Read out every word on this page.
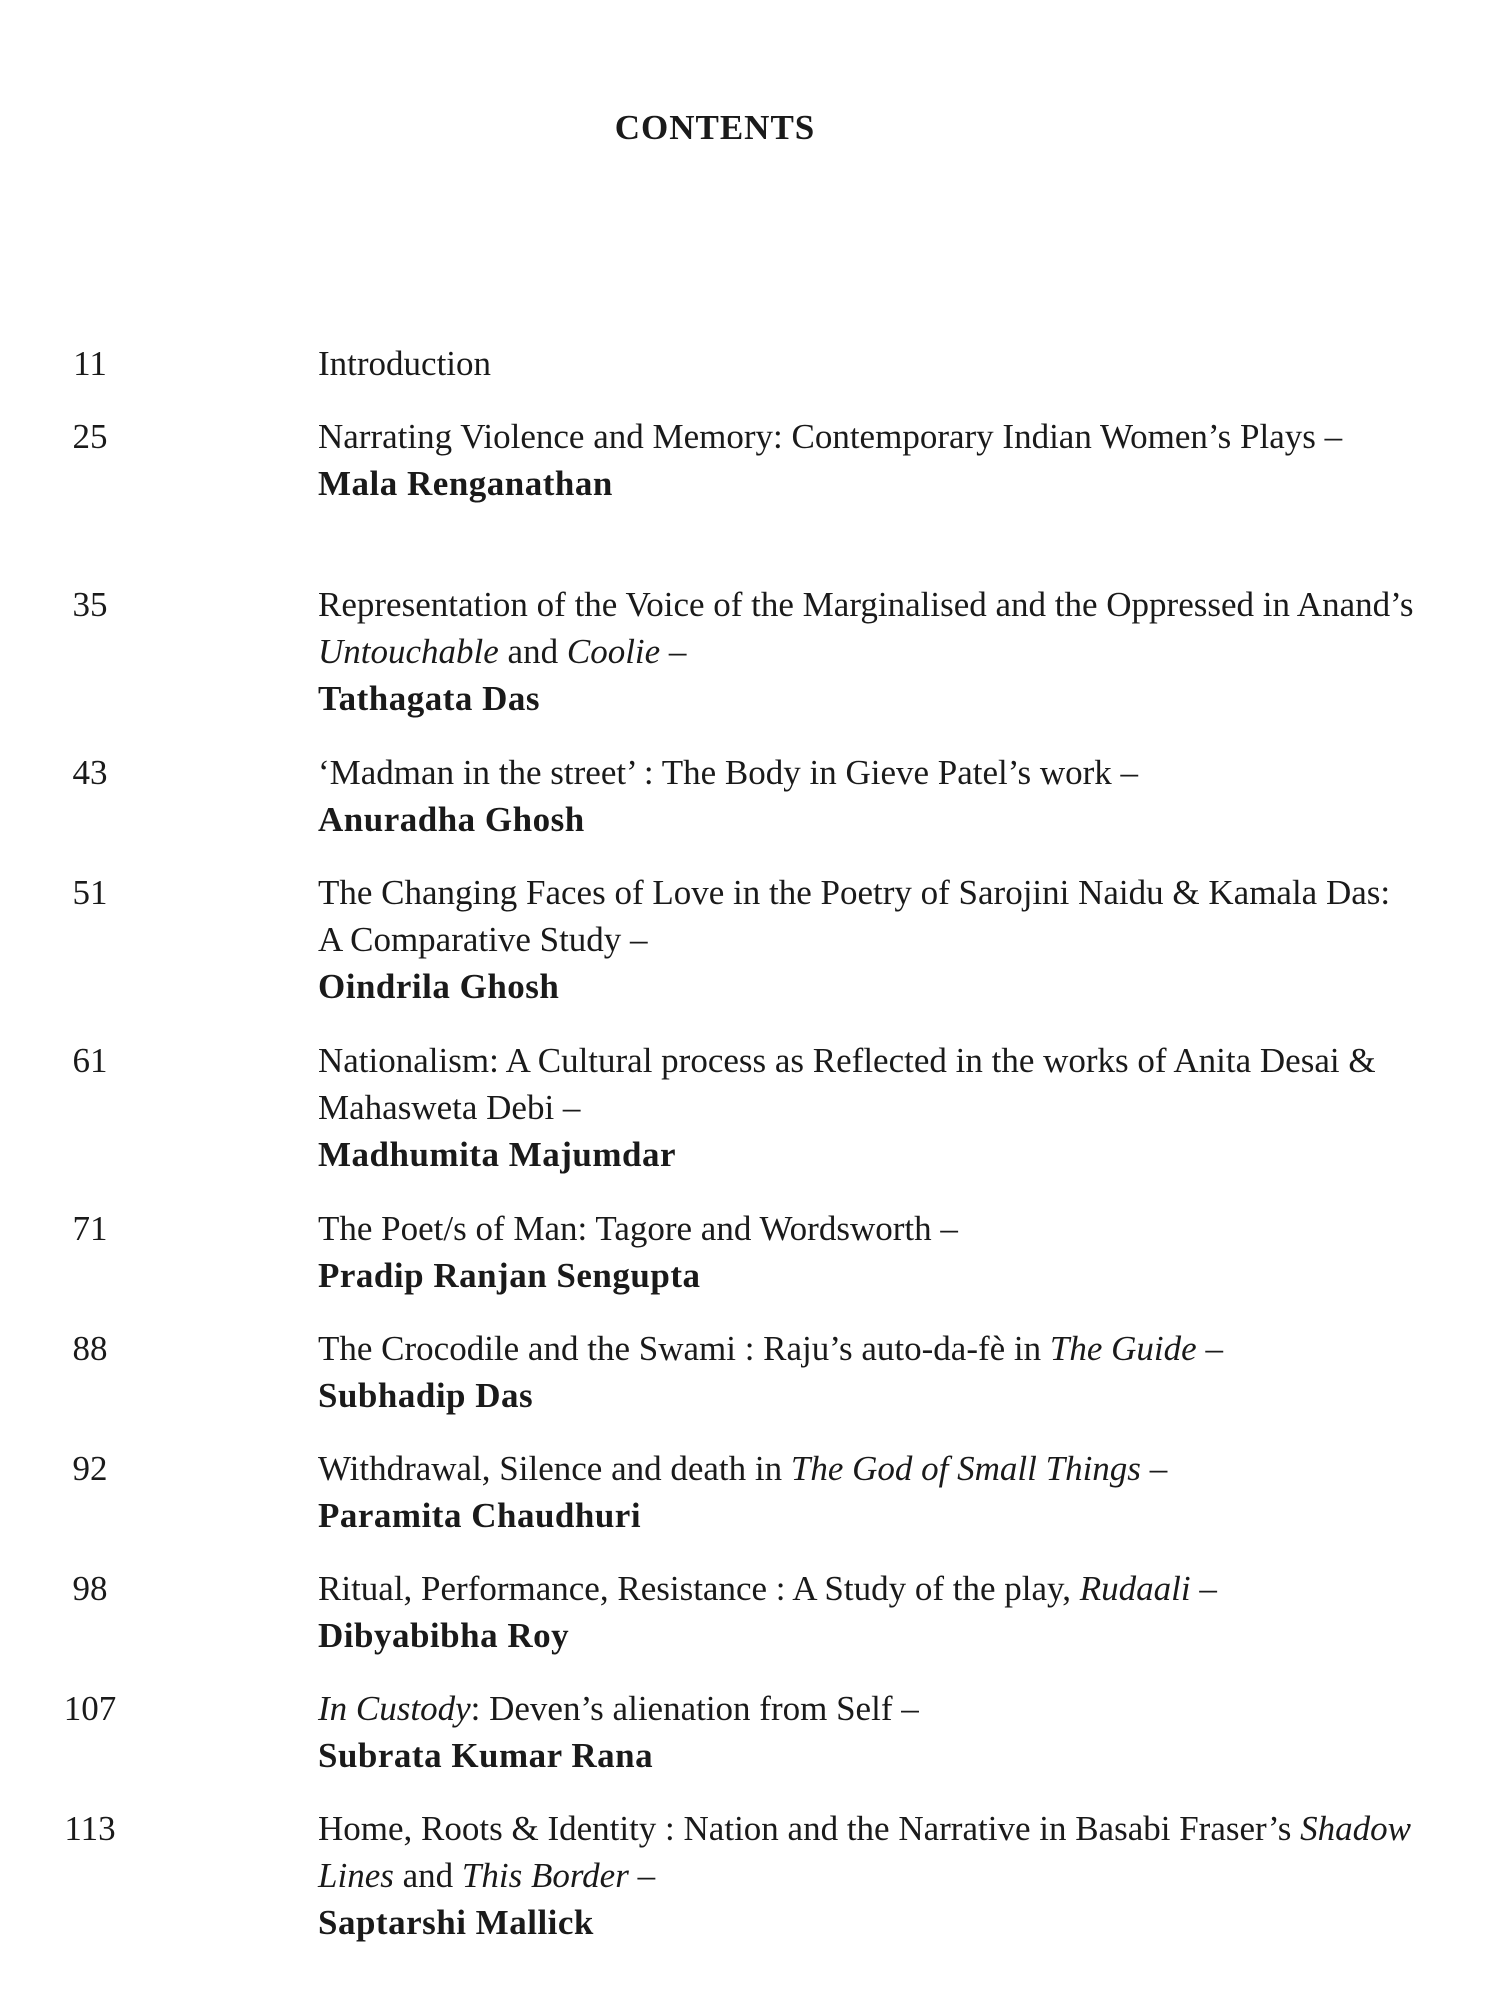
CONTENTS
11	Introduction
25	Narrating Violence and Memory: Contemporary Indian Women’s Plays –
Mala Renganathan
35	Representation of the Voice of the Marginalised and the Oppressed in Anand’s Untouchable and Coolie –
Tathagata Das
43	‘Madman in the street’ : The Body in Gieve Patel’s work –
Anuradha Ghosh
51	The Changing Faces of Love in the Poetry of Sarojini Naidu & Kamala Das: A Comparative Study –
Oindrila Ghosh
61	Nationalism: A Cultural process as Reflected in the works of Anita Desai & Mahasweta Debi –
Madhumita Majumdar
71	The Poet/s of Man: Tagore and Wordsworth –
Pradip Ranjan Sengupta
88	The Crocodile and the Swami : Raju’s auto-da-fè in The Guide –
Subhadip Das
92	Withdrawal, Silence and death in The God of Small Things –
Paramita Chaudhuri
98	Ritual, Performance, Resistance : A Study of the play, Rudaali –
Dibyabibha Roy
107	In Custody: Deven’s alienation from Self –
Subrata Kumar Rana
113	Home, Roots & Identity : Nation and the Narrative in Basabi Fraser’s Shadow Lines and This Border –
Saptarshi Mallick
